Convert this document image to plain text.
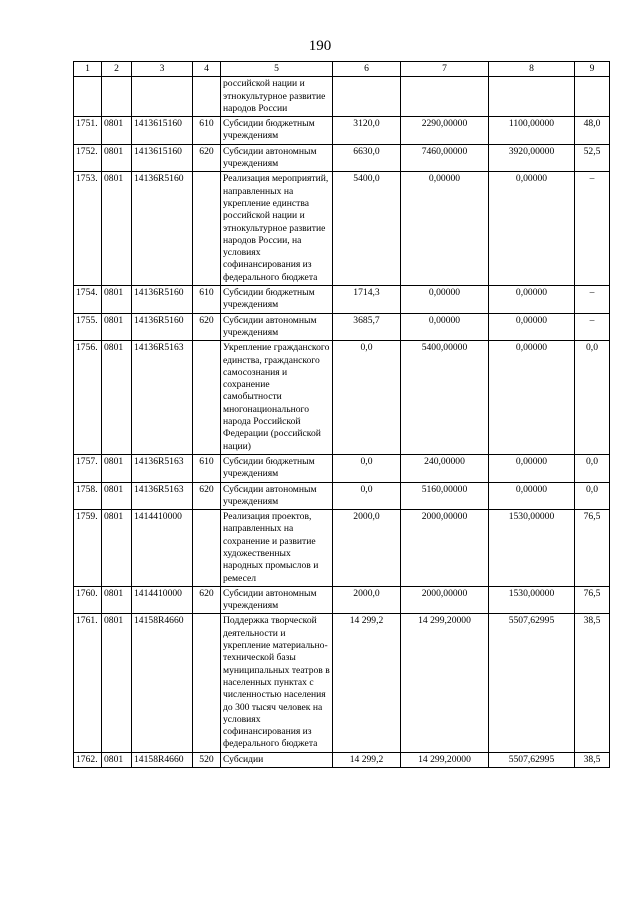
190
1	2	3	4	5	6	7	8	9
				российской нации и этнокультурное развитие народов России				
1751.	0801	1413615160	610	Субсидии бюджетным учреждениям	3120,0	2290,00000	1100,00000	48,0
1752.	0801	1413615160	620	Субсидии автономным учреждениям	6630,0	7460,00000	3920,00000	52,5
1753.	0801	14136R5160		Реализация мероприятий, направленных на укрепление единства российской нации и этнокультурное развитие народов России, на условиях софинансирования из федерального бюджета	5400,0	0,00000	0,00000	–
1754.	0801	14136R5160	610	Субсидии бюджетным учреждениям	1714,3	0,00000	0,00000	–
1755.	0801	14136R5160	620	Субсидии автономным учреждениям	3685,7	0,00000	0,00000	–
1756.	0801	14136R5163		Укрепление гражданского единства, гражданского самосознания и сохранение самобытности многонационального народа Российской Федерации (российской нации)	0,0	5400,00000	0,00000	0,0
1757.	0801	14136R5163	610	Субсидии бюджетным учреждениям	0,0	240,00000	0,00000	0,0
1758.	0801	14136R5163	620	Субсидии автономным учреждениям	0,0	5160,00000	0,00000	0,0
1759.	0801	1414410000		Реализация проектов, направленных на сохранение и развитие художественных народных промыслов и ремесел	2000,0	2000,00000	1530,00000	76,5
1760.	0801	1414410000	620	Субсидии автономным учреждениям	2000,0	2000,00000	1530,00000	76,5
1761.	0801	14158R4660		Поддержка творческой деятельности и укрепление материально-технической базы муниципальных театров в населенных пунктах с численностью населения до 300 тысяч человек на условиях софинансирования из федерального бюджета	14 299,2	14 299,20000	5507,62995	38,5
1762.	0801	14158R4660	520	Субсидии	14 299,2	14 299,20000	5507,62995	38,5
